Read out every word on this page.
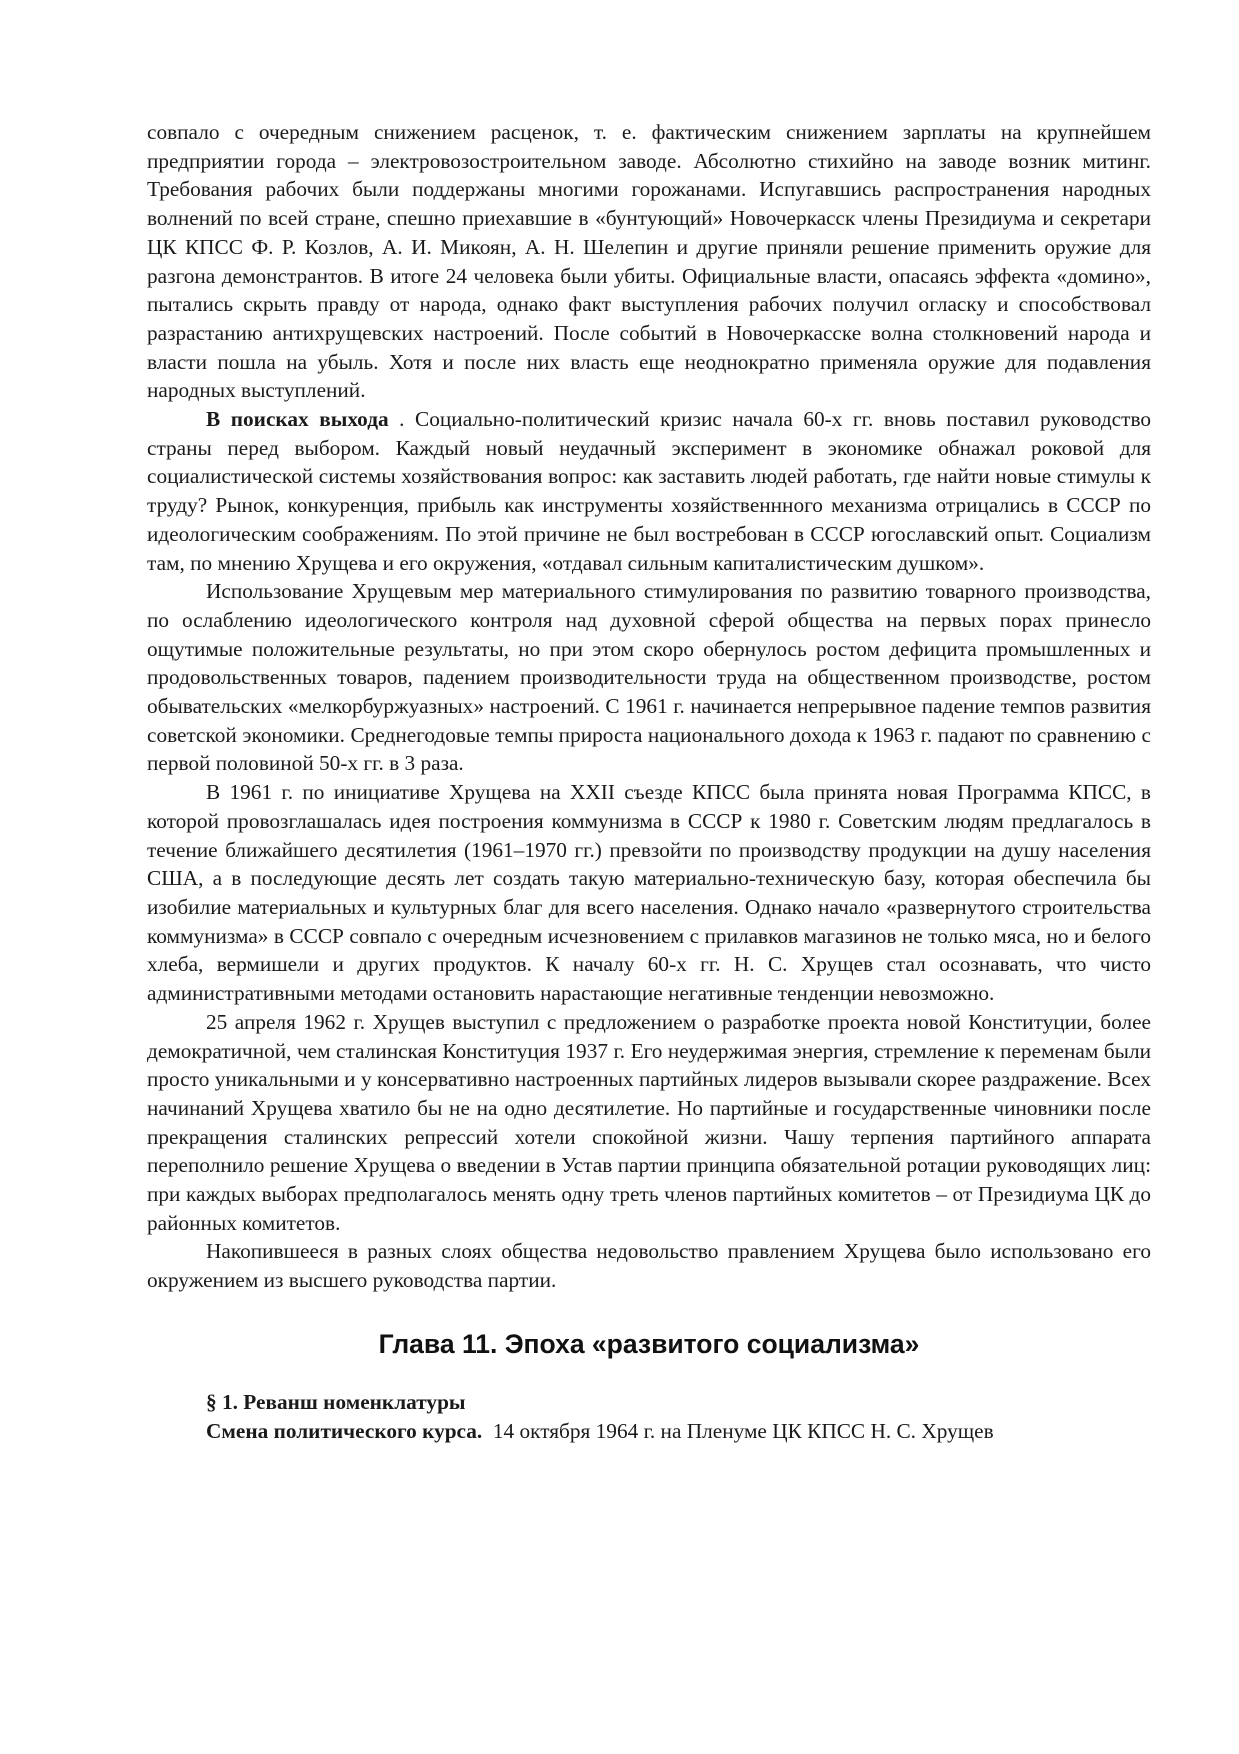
совпало с очередным снижением расценок, т. е. фактическим снижением зарплаты на крупнейшем предприятии города – электровозостроительном заводе. Абсолютно стихийно на заводе возник митинг. Требования рабочих были поддержаны многими горожанами. Испугавшись распространения народных волнений по всей стране, спешно приехавшие в «бунтующий» Новочеркасск члены Президиума и секретари ЦК КПСС Ф. Р. Козлов, А. И. Микоян, А. Н. Шелепин и другие приняли решение применить оружие для разгона демонстрантов. В итоге 24 человека были убиты. Официальные власти, опасаясь эффекта «домино», пытались скрыть правду от народа, однако факт выступления рабочих получил огласку и способствовал разрастанию антихрущевских настроений. После событий в Новочеркасске волна столкновений народа и власти пошла на убыль. Хотя и после них власть еще неоднократно применяла оружие для подавления народных выступлений.

В поисках выхода . Социально-политический кризис начала 60-х гг. вновь поставил руководство страны перед выбором. Каждый новый неудачный эксперимент в экономике обнажал роковой для социалистической системы хозяйствования вопрос: как заставить людей работать, где найти новые стимулы к труду? Рынок, конкуренция, прибыль как инструменты хозяйственнного механизма отрицались в СССР по идеологическим соображениям. По этой причине не был востребован в СССР югославский опыт. Социализм там, по мнению Хрущева и его окружения, «отдавал сильным капиталистическим душком».

Использование Хрущевым мер материального стимулирования по развитию товарного производства, по ослаблению идеологического контроля над духовной сферой общества на первых порах принесло ощутимые положительные результаты, но при этом скоро обернулось ростом дефицита промышленных и продовольственных товаров, падением производительности труда на общественном производстве, ростом обывательских «мелкорбуржуазных» настроений. С 1961 г. начинается непрерывное падение темпов развития советской экономики. Среднегодовые темпы прироста национального дохода к 1963 г. падают по сравнению с первой половиной 50-х гг. в 3 раза.

В 1961 г. по инициативе Хрущева на XXII съезде КПСС была принята новая Программа КПСС, в которой провозглашалась идея построения коммунизма в СССР к 1980 г. Советским людям предлагалось в течение ближайшего десятилетия (1961–1970 гг.) превзойти по производству продукции на душу населения США, а в последующие десять лет создать такую материально-техническую базу, которая обеспечила бы изобилие материальных и культурных благ для всего населения. Однако начало «развернутого строительства коммунизма» в СССР совпало с очередным исчезновением с прилавков магазинов не только мяса, но и белого хлеба, вермишели и других продуктов. К началу 60-х гг. Н. С. Хрущев стал осознавать, что чисто административными методами остановить нарастающие негативные тенденции невозможно.

25 апреля 1962 г. Хрущев выступил с предложением о разработке проекта новой Конституции, более демократичной, чем сталинская Конституция 1937 г. Его неудержимая энергия, стремление к переменам были просто уникальными и у консервативно настроенных партийных лидеров вызывали скорее раздражение. Всех начинаний Хрущева хватило бы не на одно десятилетие. Но партийные и государственные чиновники после прекращения сталинских репрессий хотели спокойной жизни. Чашу терпения партийного аппарата переполнило решение Хрущева о введении в Устав партии принципа обязательной ротации руководящих лиц: при каждых выборах предполагалось менять одну треть членов партийных комитетов – от Президиума ЦК до районных комитетов.

Накопившееся в разных слоях общества недовольство правлением Хрущева было использовано его окружением из высшего руководства партии.

Глава 11. Эпоха «развитого социализма»

§ 1. Реванш номенклатуры

Смена политического курса.  14 октября 1964 г. на Пленуме ЦК КПСС Н. С. Хрущев
